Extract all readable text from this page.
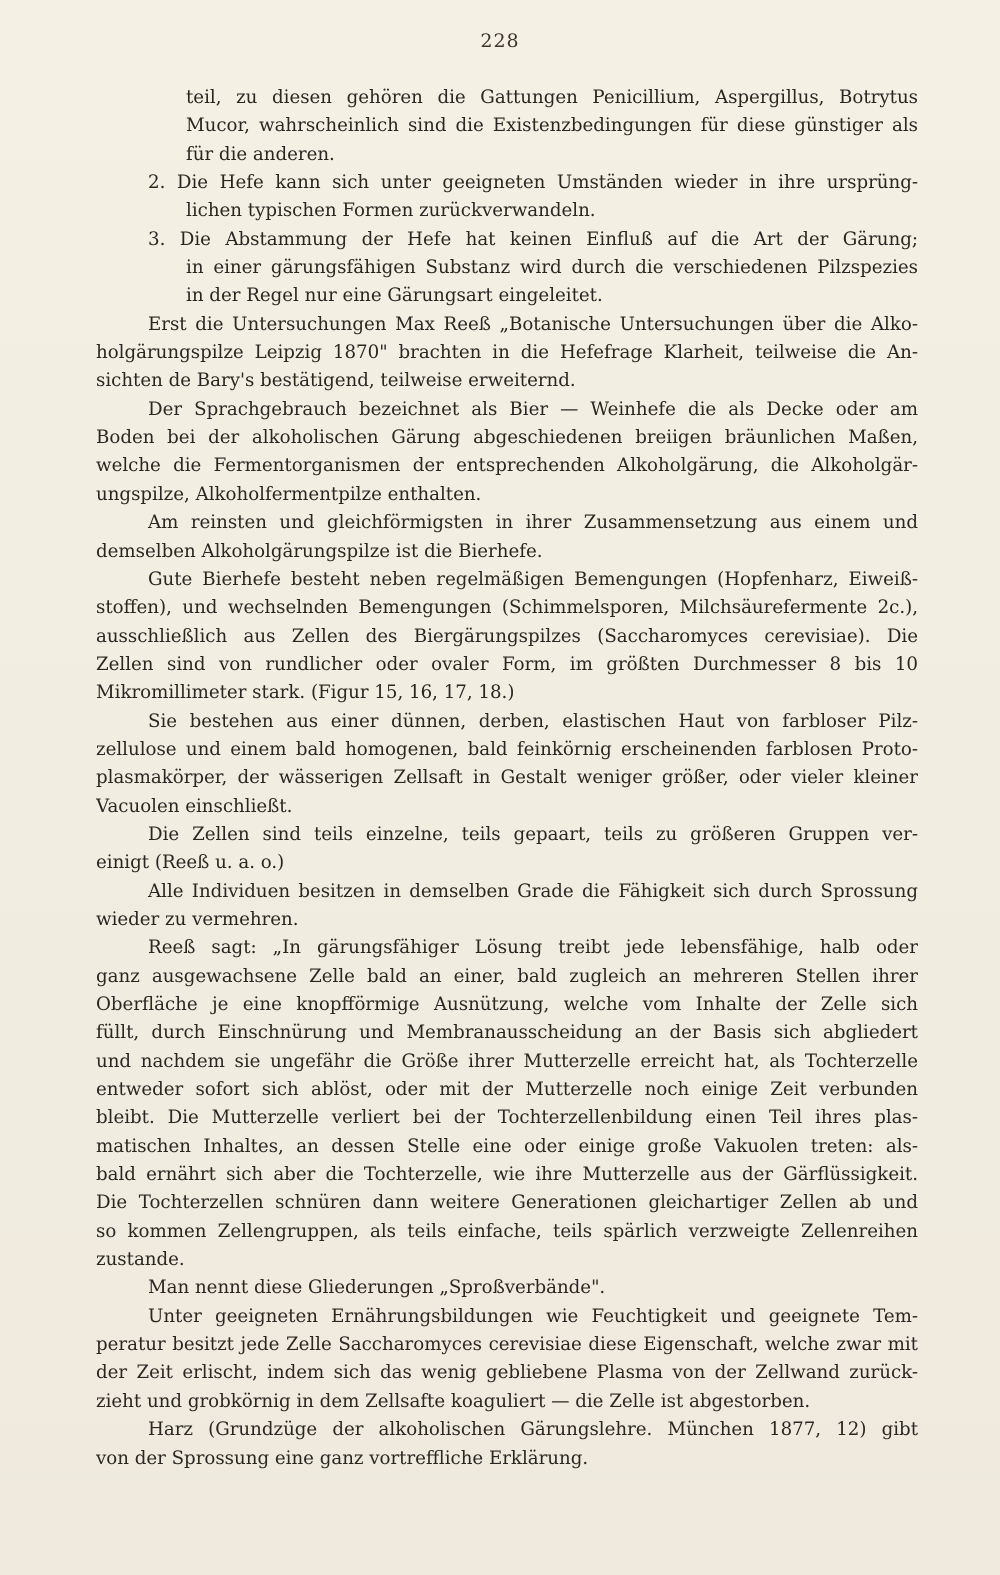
228
teil, zu diesen gehören die Gattungen Penicillium, Aspergillus, Botrytus
Mucor, wahrscheinlich sind die Existenzbedingungen für diese günstiger als
für die anderen.
2. Die Hefe kann sich unter geeigneten Umständen wieder in ihre ursprüng-
lichen typischen Formen zurückverwandeln.
3. Die Abstammung der Hefe hat keinen Einfluß auf die Art der Gärung;
in einer gärungsfähigen Substanz wird durch die verschiedenen Pilzspezies
in der Regel nur eine Gärungsart eingeleitet.
Erst die Untersuchungen Max Reeß „Botanische Untersuchungen über die Alko-
holgärungspilze Leipzig 1870" brachten in die Hefefrage Klarheit, teilweise die An-
sichten de Bary's bestätigend, teilweise erweiternd.
Der Sprachgebrauch bezeichnet als Bier — Weinhefe die als Decke oder am
Boden bei der alkoholischen Gärung abgeschiedenen breiigen bräunlichen Maßen,
welche die Fermentorganismen der entsprechenden Alkoholgärung, die Alkoholgär-
ungspilze, Alkoholfermentpilze enthalten.
Am reinsten und gleichförmigsten in ihrer Zusammensetzung aus einem und
demselben Alkoholgärungspilze ist die Bierhefe.
Gute Bierhefe besteht neben regelmäßigen Bemengungen (Hopfenharz, Eiweiß-
stoffen), und wechselnden Bemengungen (Schimmelsporen, Milchsäurefermente 2c.),
ausschließlich aus Zellen des Biergärungspilzes (Saccharomyces cerevisiae). Die
Zellen sind von rundlicher oder ovaler Form, im größten Durchmesser 8 bis 10
Mikromillimeter stark. (Figur 15, 16, 17, 18.)
Sie bestehen aus einer dünnen, derben, elastischen Haut von farbloser Pilz-
zellulose und einem bald homogenen, bald feinkörnig erscheinenden farblosen Proto-
plasmakörper, der wässerigen Zellsaft in Gestalt weniger größer, oder vieler kleiner
Vacuolen einschließt.
Die Zellen sind teils einzelne, teils gepaart, teils zu größeren Gruppen ver-
einigt (Reeß u. a. o.)
Alle Individuen besitzen in demselben Grade die Fähigkeit sich durch Sprossung
wieder zu vermehren.
Reeß sagt: „In gärungsfähiger Lösung treibt jede lebensfähige, halb oder
ganz ausgewachsene Zelle bald an einer, bald zugleich an mehreren Stellen ihrer
Oberfläche je eine knopfförmige Ausnützung, welche vom Inhalte der Zelle sich
füllt, durch Einschnürung und Membranausscheidung an der Basis sich abgliedert
und nachdem sie ungefähr die Größe ihrer Mutterzelle erreicht hat, als Tochterzelle
entweder sofort sich ablöst, oder mit der Mutterzelle noch einige Zeit verbunden
bleibt. Die Mutterzelle verliert bei der Tochterzellenbildung einen Teil ihres plas-
matischen Inhaltes, an dessen Stelle eine oder einige große Vakuolen treten: als-
bald ernährt sich aber die Tochterzelle, wie ihre Mutterzelle aus der Gärflüssigkeit.
Die Tochterzellen schnüren dann weitere Generationen gleichartiger Zellen ab und
so kommen Zellengruppen, als teils einfache, teils spärlich verzweigte Zellenreihen
zustande.
Man nennt diese Gliederungen „Sproßverbände".
Unter geeigneten Ernährungsbildungen wie Feuchtigkeit und geeignete Tem-
peratur besitzt jede Zelle Saccharomyces cerevisiae diese Eigenschaft, welche zwar mit
der Zeit erlischt, indem sich das wenig gebliebene Plasma von der Zellwand zurück-
zieht und grobkörnig in dem Zellsafte koaguliert — die Zelle ist abgestorben.
Harz (Grundzüge der alkoholischen Gärungslehre. München 1877, 12) gibt
von der Sprossung eine ganz vortreffliche Erklärung.
